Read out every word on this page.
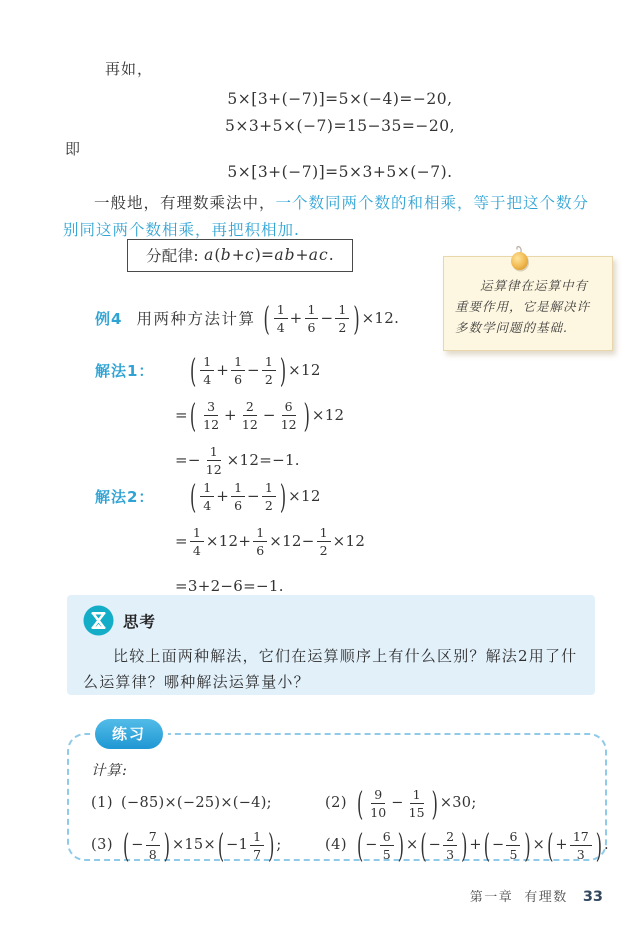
再如，

5×[3+(−7)]=5×(−4)=−20,
5×3+5×(−7)=15−35=−20,

即

5×[3+(−7)]=5×3+5×(−7).

一般地，有理数乘法中，一个数同两个数的和相乘，等于把这个数分别同这两个数相乘，再把积相加.

分配律: a ( b + c )= ab + ac .

运算律在运算中有重要作用，它是解决许多数学问题的基础.

例4 用两种方法计算 ( $\frac{1}{4} + \frac{1}{6} - \frac{1}{2}$ ) ×12.
解法1：	( $\frac{1}{4} + \frac{1}{6} - \frac{1}{2}$ ) ×12
= ( $\frac{3}{12} + \frac{2}{12} - \frac{6}{12}$ ) ×12
=− $\frac{1}{12} \times 12=-1$.
解法2：	( $\frac{1}{4} + \frac{1}{6} - \frac{1}{2}$ ) ×12
= $\frac{1}{4} \times 12+ \frac{1}{6} \times 12- \frac{1}{2} \times 12$
=3+2−6=−1.
思考

比较上面两种解法，它们在运算顺序上有什么区别？解法2用了什么运算律？哪种解法运算量小？

练习

计算:

(1) (−85)×(−25)×(−4);	(2) ( $\frac{9}{10} - \frac{1}{15}$ ) ×30;
(3) ( − $\frac{7}{8}$ ) ×15× ( $-1 \frac{1}{7}$ ) ;	(4) ( − $\frac{6}{5}$ ) × ( − $\frac{2}{3}$ ) + ( − $\frac{6}{5}$ ) × ( + $\frac{17}{3}$ ) .
第一章 有理数 33
